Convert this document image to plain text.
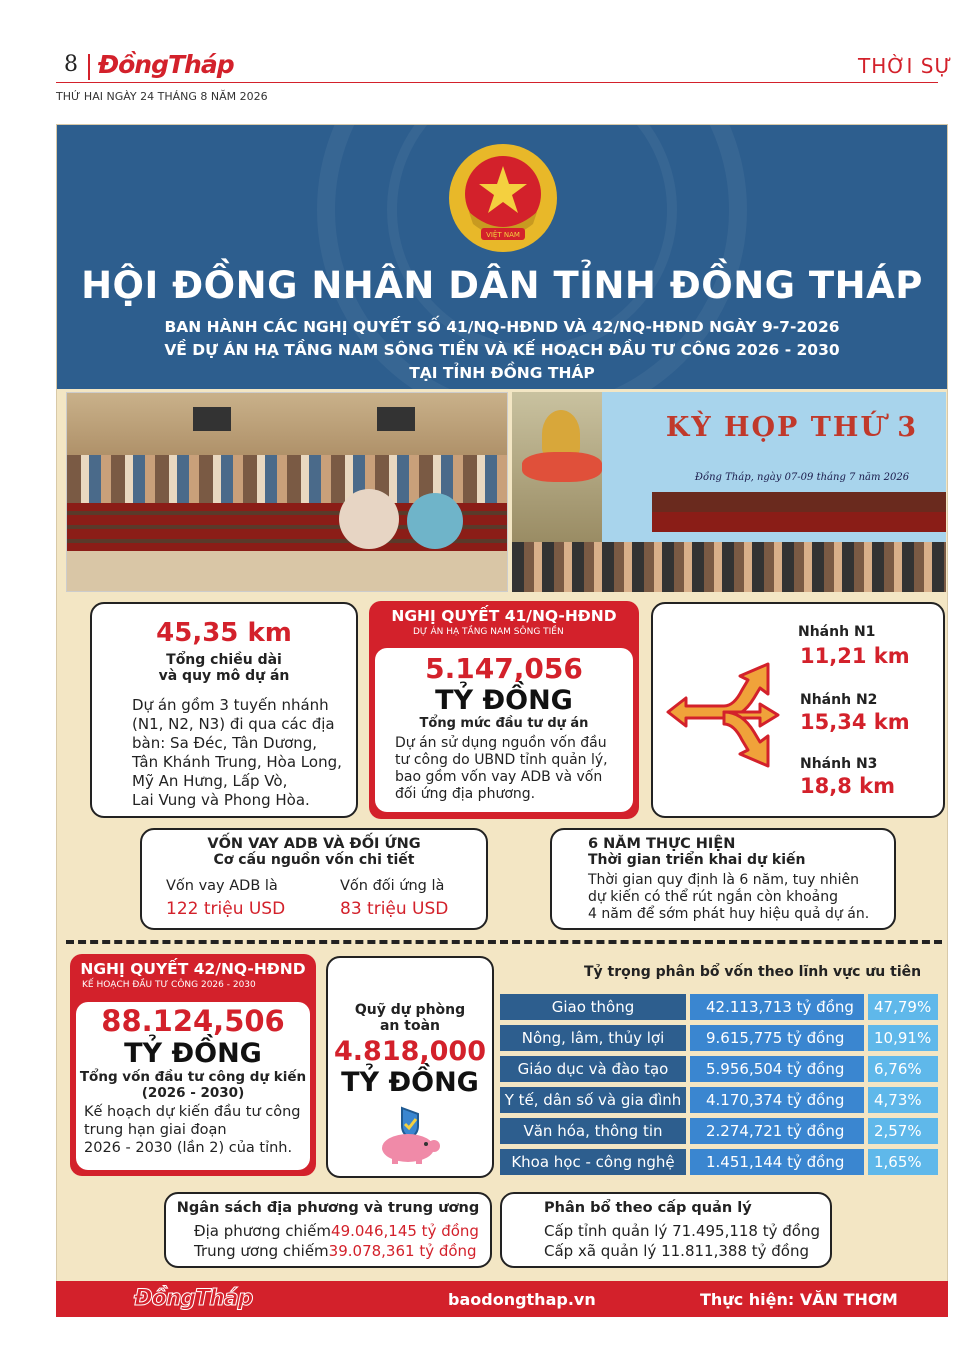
8 ĐồngTháp	THỜI SỰ
THỨ HAI NGÀY 24 THÁNG 8 NĂM 2026
VIỆT NAM
HỘI ĐỒNG NHÂN DÂN TỈNH ĐỒNG THÁP
BAN HÀNH CÁC NGHỊ QUYẾT SỐ 41/NQ-HĐND VÀ 42/NQ-HĐND NGÀY 9-7-2026
VỀ DỰ ÁN HẠ TẦNG NAM SÔNG TIỀN VÀ KẾ HOẠCH ĐẦU TƯ CÔNG 2026 - 2030
TẠI TỈNH ĐỒNG THÁP
KỲ HỌP THỨ 3
Đồng Tháp, ngày 07-09 tháng 7 năm 2026
45,35 km
Tổng chiều dài
và quy mô dự án
Dự án gồm 3 tuyến nhánh
(N1, N2, N3) đi qua các địa
bàn: Sa Đéc, Tân Dương,
Tân Khánh Trung, Hòa Long,
Mỹ An Hưng, Lấp Vò,
Lai Vung và Phong Hòa.
NGHỊ QUYẾT 41/NQ-HĐND
DỰ ÁN HẠ TẦNG NAM SÔNG TIỀN
5.147,056
TỶ ĐỒNG
Tổng mức đầu tư dự án
Dự án sử dụng nguồn vốn đầu
tư công do UBND tỉnh quản lý,
bao gồm vốn vay ADB và vốn
đối ứng địa phương.
Nhánh N1
11,21 km
Nhánh N2
15,34 km
Nhánh N3
18,8 km
VỐN VAY ADB VÀ ĐỐI ỨNG
Cơ cấu nguồn vốn chi tiết
Vốn vay ADB là
122 triệu USD
Vốn đối ứng là
83 triệu USD
6 NĂM THỰC HIỆN
Thời gian triển khai dự kiến
Thời gian quy định là 6 năm, tuy nhiên
dự kiến có thể rút ngắn còn khoảng
4 năm để sớm phát huy hiệu quả dự án.
NGHỊ QUYẾT 42/NQ-HĐND
KẾ HOẠCH ĐẦU TƯ CÔNG 2026 - 2030
88.124,506
TỶ ĐỒNG
Tổng vốn đầu tư công dự kiến
(2026 - 2030)
Kế hoạch dự kiến đầu tư công
trung hạn giai đoạn
2026 - 2030 (lần 2) của tỉnh.
Quỹ dự phòng
an toàn
4.818,000
TỶ ĐỒNG
Tỷ trọng phân bổ vốn theo lĩnh vực ưu tiên
Giao thông	42.113,713 tỷ đồng	47,79%
Nông, lâm, thủy lợi	9.615,775 tỷ đồng	10,91%
Giáo dục và đào tạo	5.956,504 tỷ đồng	6,76%
Y tế, dân số và gia đình	4.170,374 tỷ đồng	4,73%
Văn hóa, thông tin	2.274,721 tỷ đồng	2,57%
Khoa học - công nghệ	1.451,144 tỷ đồng	1,65%
Ngân sách địa phương và trung ương
Địa phương chiếm49.046,145 tỷ đồng
Trung ương chiếm39.078,361 tỷ đồng
Phân bổ theo cấp quản lý
Cấp tỉnh quản lý 71.495,118 tỷ đồng
Cấp xã quản lý 11.811,388 tỷ đồng
ĐồngTháp	baodongthap.vn	Thực hiện: VĂN THƠM
